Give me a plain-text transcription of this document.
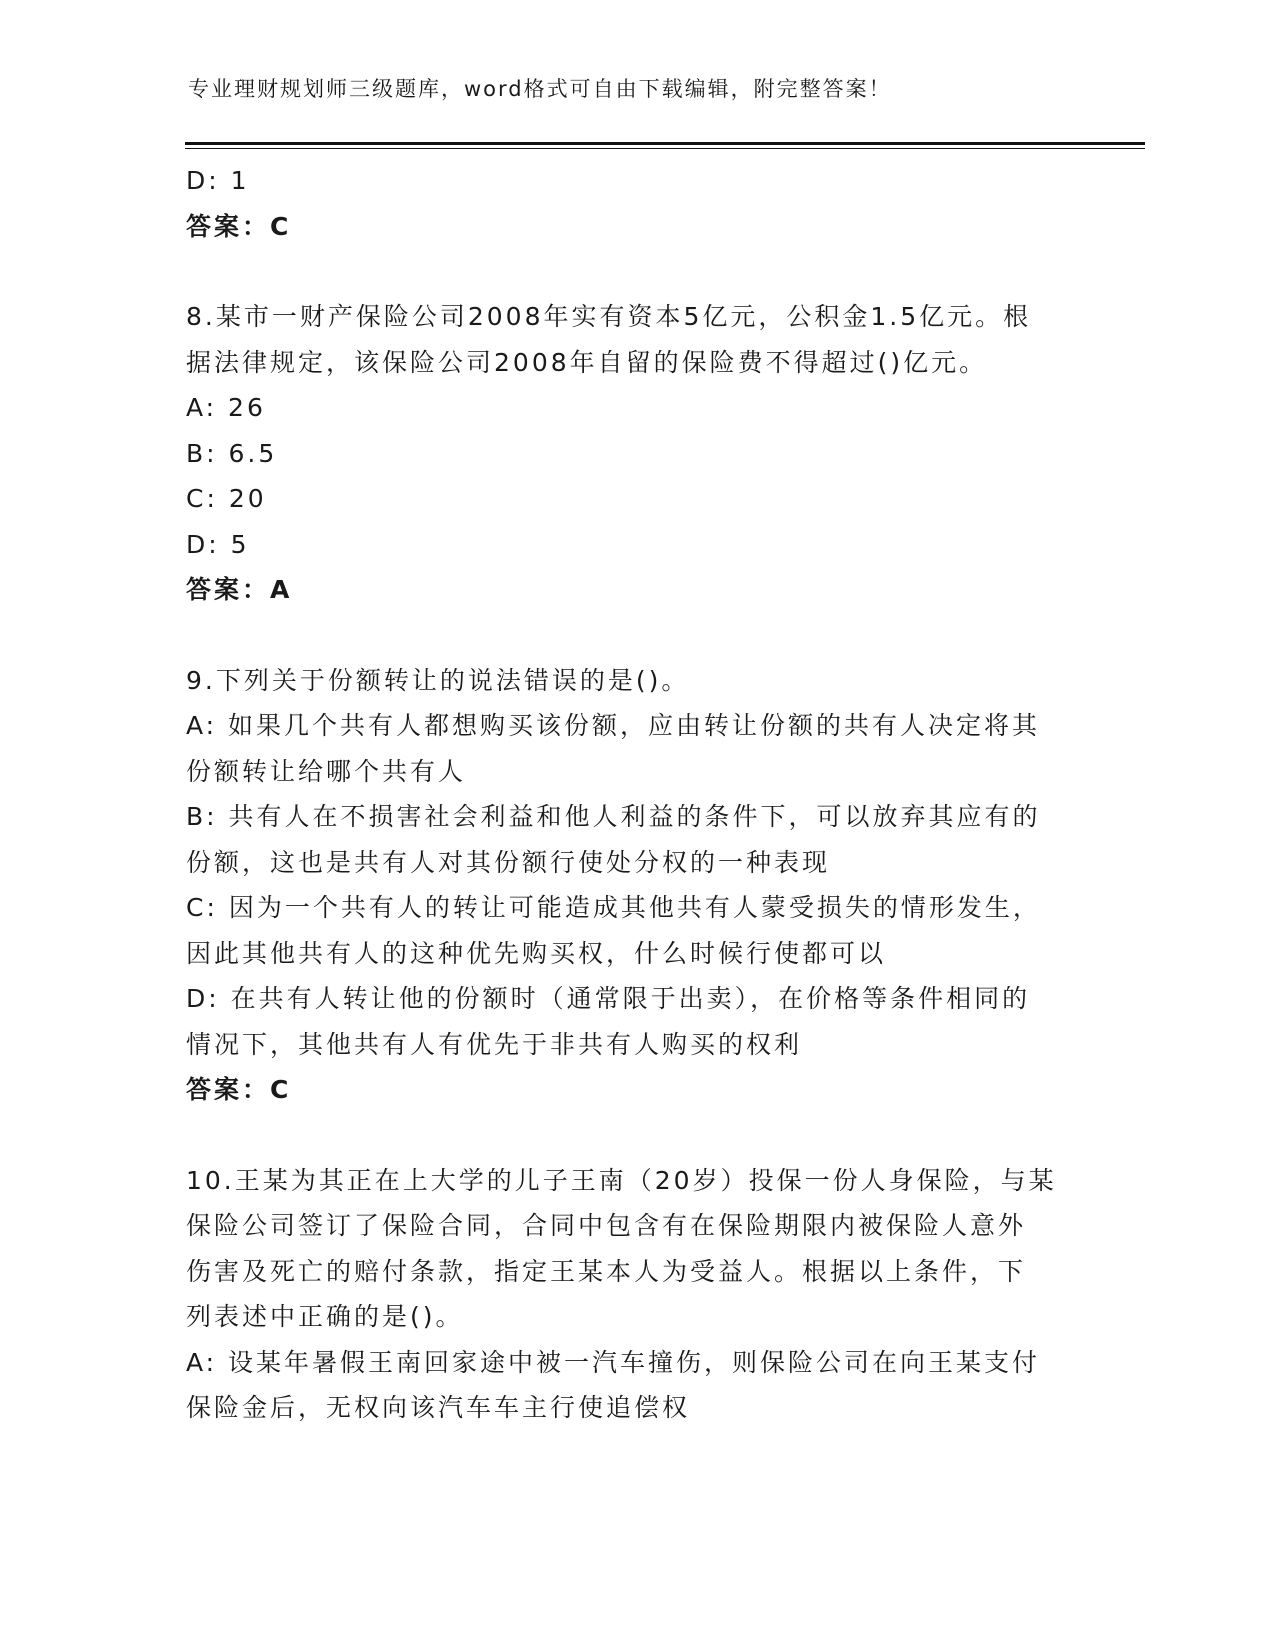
专业理财规划师三级题库，word格式可自由下载编辑，附完整答案！
D: 1
答案：C
8.某市一财产保险公司2008年实有资本5亿元，公积金1.5亿元。根
据法律规定，该保险公司2008年自留的保险费不得超过()亿元。
A: 26
B: 6.5
C: 20
D: 5
答案：A
9.下列关于份额转让的说法错误的是()。
A: 如果几个共有人都想购买该份额，应由转让份额的共有人决定将其
份额转让给哪个共有人
B: 共有人在不损害社会利益和他人利益的条件下，可以放弃其应有的
份额，这也是共有人对其份额行使处分权的一种表现
C: 因为一个共有人的转让可能造成其他共有人蒙受损失的情形发生，
因此其他共有人的这种优先购买权，什么时候行使都可以
D: 在共有人转让他的份额时（通常限于出卖），在价格等条件相同的
情况下，其他共有人有优先于非共有人购买的权利
答案：C
10.王某为其正在上大学的儿子王南（20岁）投保一份人身保险，与某
保险公司签订了保险合同，合同中包含有在保险期限内被保险人意外
伤害及死亡的赔付条款，指定王某本人为受益人。根据以上条件，下
列表述中正确的是()。
A: 设某年暑假王南回家途中被一汽车撞伤，则保险公司在向王某支付
保险金后，无权向该汽车车主行使追偿权
